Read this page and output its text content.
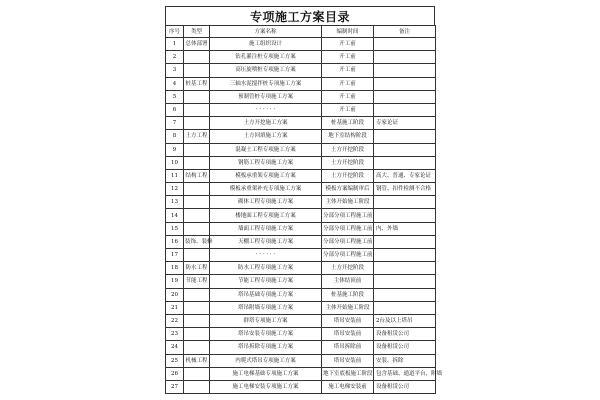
专项施工方案目录
序号	类型	方案名称	编制时间	备注
1	总体部署	施工组织设计	开工前	
2		钻孔灌注桩专项施工方案	开工前	
3		高压旋喷桩专项施工方案	开工前	
4	桩基工程	三轴水泥搅拌桩专项施工方案	开工前	
5		预制管桩专项施工方案	开工前	
6		· · · · · ·	开工前	
7		土方开挖施工方案	桩基施工阶段	专家论证
8	土方工程	土方回填施工方案	地下室结构阶段	
9		混凝土工程专项施工方案	土方开挖阶段	
10		钢筋工程专项施工方案	土方开挖阶段	
11	结构工程	模板承重架专项施工方案	土方开挖阶段	高大、普通、专家论证
12		模板承重架补充专项施工方案	模板方案编制审后	钢管、扣件检测不合格
13		砌体工程专项施工方案	主体开始施工阶段	
14		楼地面工程专项施工方案	分部分项工程施工前	
15		墙面工程专项施工方案	分部分项工程施工前	内、外墙
16	装饰、装修	天棚工程专项施工方案	分部分项工程施工前	
17		· · · · · ·	分部分项工程施工前	
18	防水工程	防水工程专项施工方案	土方开挖阶段	
19	节能工程	节能工程专项施工方案	主体结顶前	
20		塔吊基础专项施工方案	桩基施工阶段	
21		塔吊附墙专项施工方案	主体开始施工阶段	
22		群塔专项施工方案	塔吊安装前	2台及以上塔吊
23		塔吊安装专项施工方案	塔吊安装前	设备租赁公司
24		塔吊拆除专项施工方案	塔吊拆除前	设备租赁公司
25	机械工程	内爬式塔吊专项施工方案	塔吊安装前	安装、拆除
26		施工电梯基础专项施工方案	地下室底板施工阶段	包含基础、通道平台、附墙
27		施工电梯安装专项施工方案	施工电梯安装前	设备租赁公司
